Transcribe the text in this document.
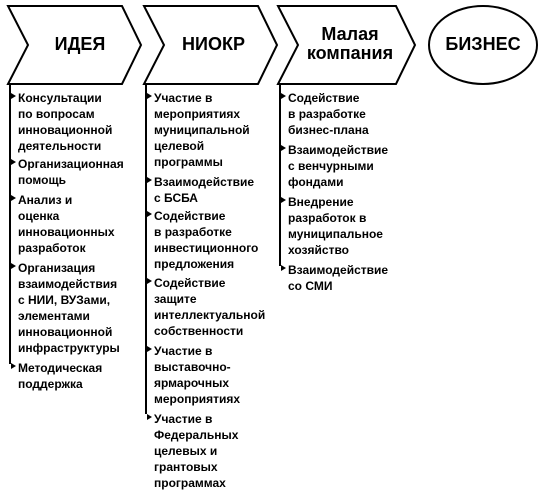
ИДЕЯ	НИОКР	Малая
компания	БИЗНЕС
Консультации
по вопросам
инновационной
деятельности
Организационная
помощь
Анализ и
оценка
инновационных
разработок
Организация
взаимодействия
с НИИ, ВУЗами,
элементами
инновационной
инфраструктуры
Методическая
поддержка
Участие в
мероприятиях
муниципальной
целевой
программы
Взаимодействие
с БСБА
Содействие
в разработке
инвестиционного
предложения
Содействие
защите
интеллектуальной
собственности
Участие в
выставочно-
ярмарочных
мероприятиях
Участие в
Федеральных
целевых и
грантовых
программах
Содействие
в разработке
бизнес-плана
Взаимодействие
с венчурными
фондами
Внедрение
разработок в
муниципальное
хозяйство
Взаимодействие
со СМИ
